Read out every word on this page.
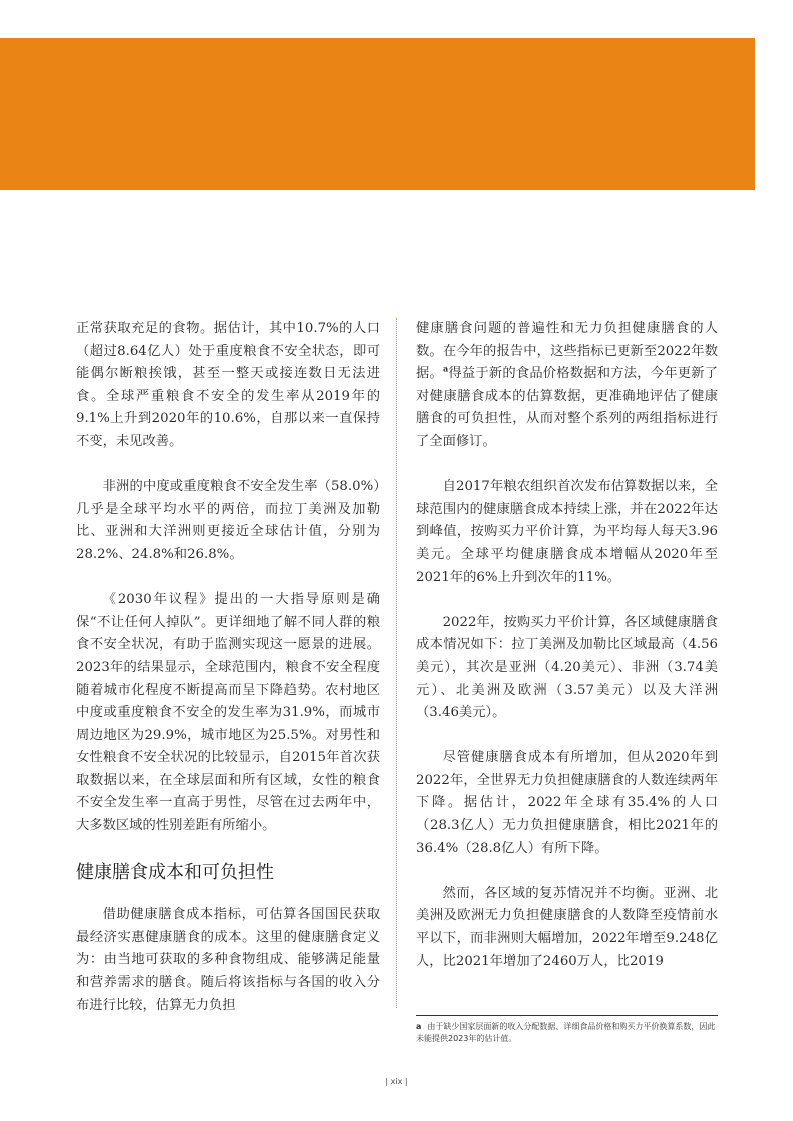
正常获取充足的食物。据估计，其中10.7%的人口（超过8.64亿人）处于重度粮食不安全状态，即可能偶尔断粮挨饿，甚至一整天或接连数日无法进食。全球严重粮食不安全的发生率从2019年的9.1%上升到2020年的10.6%，自那以来一直保持不变，未见改善。

非洲的中度或重度粮食不安全发生率（58.0%）几乎是全球平均水平的两倍，而拉丁美洲及加勒比、亚洲和大洋洲则更接近全球估计值，分别为28.2%、24.8%和26.8%。

《2030年议程》提出的一大指导原则是确保“不让任何人掉队”。更详细地了解不同人群的粮食不安全状况，有助于监测实现这一愿景的进展。2023年的结果显示，全球范围内，粮食不安全程度随着城市化程度不断提高而呈下降趋势。农村地区中度或重度粮食不安全的发生率为31.9%，而城市周边地区为29.9%，城市地区为25.5%。对男性和女性粮食不安全状况的比较显示，自2015年首次获取数据以来，在全球层面和所有区域，女性的粮食不安全发生率一直高于男性，尽管在过去两年中，大多数区域的性别差距有所缩小。

健康膳食成本和可负担性

借助健康膳食成本指标，可估算各国国民获取最经济实惠健康膳食的成本。这里的健康膳食定义为：由当地可获取的多种食物组成、能够满足能量和营养需求的膳食。随后将该指标与各国的收入分布进行比较，估算无力负担

健康膳食问题的普遍性和无力负担健康膳食的人数。在今年的报告中，这些指标已更新至2022年数据。$^a$得益于新的食品价格数据和方法，今年更新了对健康膳食成本的估算数据，更准确地评估了健康膳食的可负担性，从而对整个系列的两组指标进行了全面修订。

自2017年粮农组织首次发布估算数据以来，全球范围内的健康膳食成本持续上涨，并在2022年达到峰值，按购买力平价计算，为平均每人每天3.96美元。全球平均健康膳食成本增幅从2020年至2021年的6%上升到次年的11%。

2022年，按购买力平价计算，各区域健康膳食成本情况如下：拉丁美洲及加勒比区域最高（4.56美元），其次是亚洲（4.20美元）、非洲（3.74美元）、北美洲及欧洲（3.57美元）以及大洋洲（3.46美元）。

尽管健康膳食成本有所增加，但从2020年到2022年，全世界无力负担健康膳食的人数连续两年下降。据估计，2022年全球有35.4%的人口（28.3亿人）无力负担健康膳食，相比2021年的36.4%（28.8亿人）有所下降。

然而，各区域的复苏情况并不均衡。亚洲、北美洲及欧洲无力负担健康膳食的人数降至疫情前水平以下，而非洲则大幅增加，2022年增至9.248亿人，比2021年增加了2460万人，比2019

a 由于缺少国家层面新的收入分配数据、详细食品价格和购买力平价换算系数，因此未能提供2023年的估计值。
| xix |
